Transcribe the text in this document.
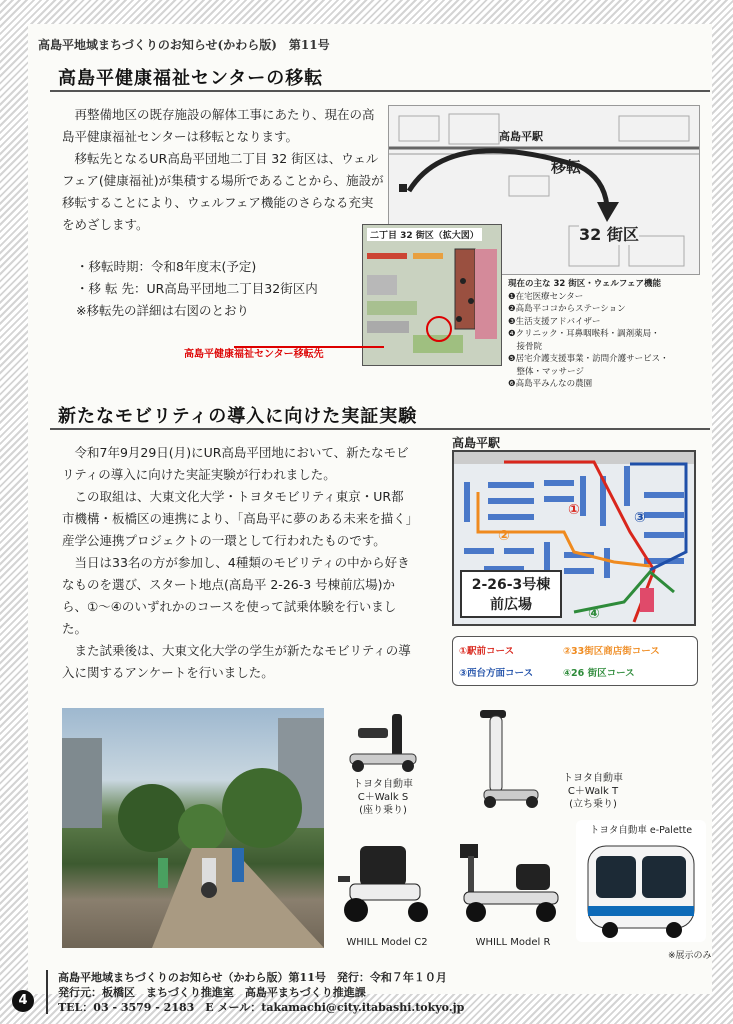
高島平地域まちづくりのお知らせ(かわら版)　第11号
高島平健康福祉センターの移転

再整備地区の既存施設の解体工事にあたり、現在の高島平健康福祉センターは移転となります。

移転先となるUR高島平団地二丁目 32 街区は、ウェルフェア(健康福祉)が集積する場所であることから、施設が移転することにより、ウェルフェア機能のさらなる充実をめざします。

・移転時期：令和8年度末(予定)
・移 転 先：UR高島平団地二丁目32街区内
※移転先の詳細は右図のとおり
高島平駅
移転
32 街区
二丁目 32 街区（拡大図）
高島平健康福祉センター移転先
現在の主な 32 街区・ウェルフェア機能
❶在宅医療センター
❷高島平ココからステーション
❸生活支援アドバイザー
❹クリニック・耳鼻咽喉科・調剤薬局・
　接骨院
❺居宅介護支援事業・訪問介護サービス・
　整体・マッサージ
❻高島平みんなの農園
新たなモビリティの導入に向けた実証実験

令和7年9月29日(月)にUR高島平団地において、新たなモビリティの導入に向けた実証実験が行われました。

この取組は、大東文化大学・トヨタモビリティ東京・UR都市機構・板橋区の連携により、「高島平に夢のある未来を描く」産学公連携プロジェクトの一環として行われたものです。

当日は33名の方が参加し、4種類のモビリティの中から好きなものを選び、スタート地点(高島平 2-26-3 号棟前広場)から、①～④のいずれかのコースを使って試乗体験を行いました。

また試乗後は、大東文化大学の学生が新たなモビリティの導入に関するアンケートを行いました。

高島平駅
①
②
③
④
2-26-3号棟
前広場
①駅前コース	②33街区商店街コース
③西台方面コース	④26 街区コース
トヨタ自動車
C＋Walk S
(座り乗り)
トヨタ自動車
C＋Walk T
(立ち乗り)
WHILL Model C2	WHILL Model R
トヨタ自動車 e-Palette
※展示のみ
4
高島平地域まちづくりのお知らせ（かわら版）第11号　発行：令和７年１０月
発行元：板橋区　まちづくり推進室　高島平まちづくり推進課
TEL：03 - 3579 - 2183　E メール：takamachi@city.itabashi.tokyo.jp
